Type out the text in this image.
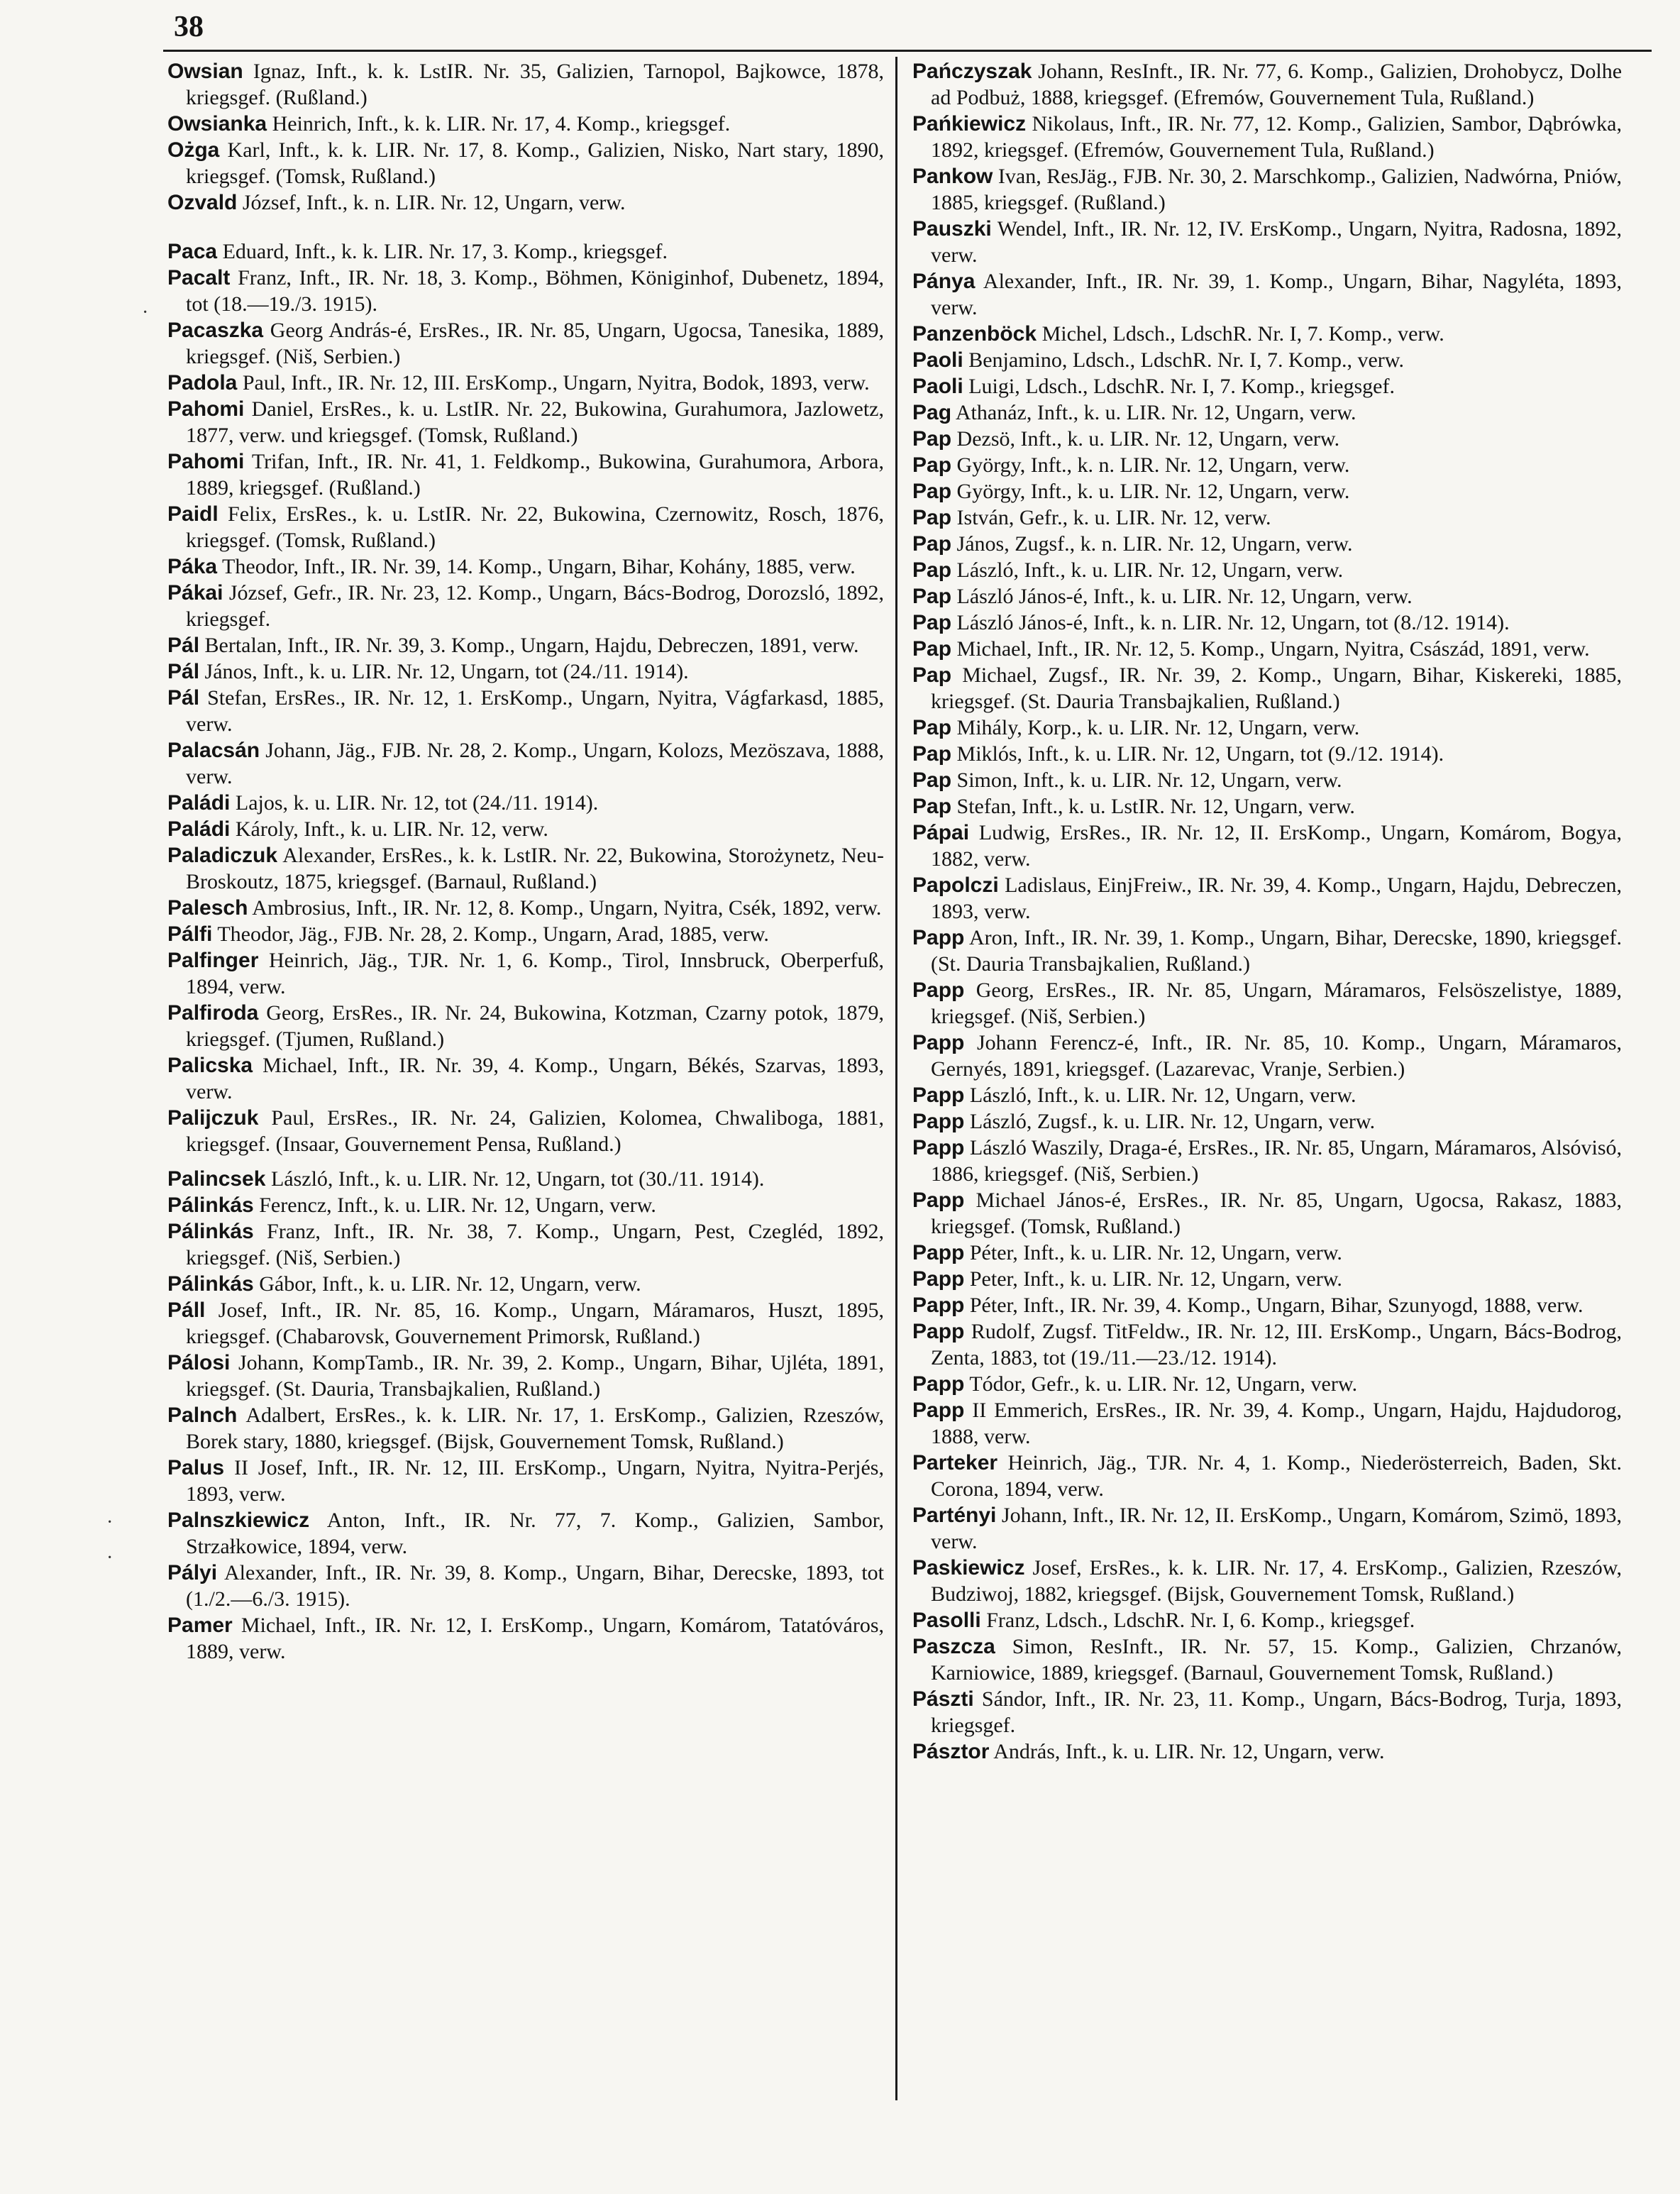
38

Owsian Ignaz, Inft., k. k. LstIR. Nr. 35, Galizien, Tarnopol, Bajkowce, 1878, kriegsgef. (Rußland.)

Owsianka Heinrich, Inft., k. k. LIR. Nr. 17, 4. Komp., kriegsgef.

Ożga Karl, Inft., k. k. LIR. Nr. 17, 8. Komp., Galizien, Nisko, Nart stary, 1890, kriegsgef. (Tomsk, Rußland.)

Ozvald József, Inft., k. n. LIR. Nr. 12, Ungarn, verw.

Paca Eduard, Inft., k. k. LIR. Nr. 17, 3. Komp., kriegsgef.

Pacalt Franz, Inft., IR. Nr. 18, 3. Komp., Böhmen, Königinhof, Dubenetz, 1894, tot (18.—19./3. 1915).

Pacaszka Georg András-é, ErsRes., IR. Nr. 85, Ungarn, Ugocsa, Tanesika, 1889, kriegsgef. (Niš, Serbien.)

Padola Paul, Inft., IR. Nr. 12, III. ErsKomp., Ungarn, Nyitra, Bodok, 1893, verw.

Pahomi Daniel, ErsRes., k. u. LstIR. Nr. 22, Bukowina, Gurahumora, Jazlowetz, 1877, verw. und kriegsgef. (Tomsk, Rußland.)

Pahomi Trifan, Inft., IR. Nr. 41, 1. Feldkomp., Bukowina, Gurahumora, Arbora, 1889, kriegsgef. (Rußland.)

Paidl Felix, ErsRes., k. u. LstIR. Nr. 22, Bukowina, Czernowitz, Rosch, 1876, kriegsgef. (Tomsk, Rußland.)

Páka Theodor, Inft., IR. Nr. 39, 14. Komp., Ungarn, Bihar, Kohány, 1885, verw.

Pákai József, Gefr., IR. Nr. 23, 12. Komp., Ungarn, Bács-Bodrog, Dorozsló, 1892, kriegsgef.

Pál Bertalan, Inft., IR. Nr. 39, 3. Komp., Ungarn, Hajdu, Debreczen, 1891, verw.

Pál János, Inft., k. u. LIR. Nr. 12, Ungarn, tot (24./11. 1914).

Pál Stefan, ErsRes., IR. Nr. 12, 1. ErsKomp., Ungarn, Nyitra, Vágfarkasd, 1885, verw.

Palacsán Johann, Jäg., FJB. Nr. 28, 2. Komp., Ungarn, Kolozs, Mezöszava, 1888, verw.

Paládi Lajos, k. u. LIR. Nr. 12, tot (24./11. 1914).

Paládi Károly, Inft., k. u. LIR. Nr. 12, verw.

Paladiczuk Alexander, ErsRes., k. k. LstIR. Nr. 22, Bukowina, Storożynetz, Neu-Broskoutz, 1875, kriegsgef. (Barnaul, Rußland.)

Palesch Ambrosius, Inft., IR. Nr. 12, 8. Komp., Ungarn, Nyitra, Csék, 1892, verw.

Pálfi Theodor, Jäg., FJB. Nr. 28, 2. Komp., Ungarn, Arad, 1885, verw.

Palfinger Heinrich, Jäg., TJR. Nr. 1, 6. Komp., Tirol, Innsbruck, Oberperfuß, 1894, verw.

Palfiroda Georg, ErsRes., IR. Nr. 24, Bukowina, Kotzman, Czarny potok, 1879, kriegsgef. (Tjumen, Rußland.)

Palicska Michael, Inft., IR. Nr. 39, 4. Komp., Ungarn, Békés, Szarvas, 1893, verw.

Palijczuk Paul, ErsRes., IR. Nr. 24, Galizien, Kolomea, Chwaliboga, 1881, kriegsgef. (Insaar, Gouvernement Pensa, Rußland.)

Palincsek László, Inft., k. u. LIR. Nr. 12, Ungarn, tot (30./11. 1914).

Pálinkás Ferencz, Inft., k. u. LIR. Nr. 12, Ungarn, verw.

Pálinkás Franz, Inft., IR. Nr. 38, 7. Komp., Ungarn, Pest, Czegléd, 1892, kriegsgef. (Niš, Serbien.)

Pálinkás Gábor, Inft., k. u. LIR. Nr. 12, Ungarn, verw.

Páll Josef, Inft., IR. Nr. 85, 16. Komp., Ungarn, Máramaros, Huszt, 1895, kriegsgef. (Chabarovsk, Gouvernement Primorsk, Rußland.)

Pálosi Johann, KompTamb., IR. Nr. 39, 2. Komp., Ungarn, Bihar, Ujléta, 1891, kriegsgef. (St. Dauria, Transbajkalien, Rußland.)

Palnch Adalbert, ErsRes., k. k. LIR. Nr. 17, 1. ErsKomp., Galizien, Rzeszów, Borek stary, 1880, kriegsgef. (Bijsk, Gouvernement Tomsk, Rußland.)

Palus II Josef, Inft., IR. Nr. 12, III. ErsKomp., Ungarn, Nyitra, Nyitra-Perjés, 1893, verw.

Palnszkiewicz Anton, Inft., IR. Nr. 77, 7. Komp., Galizien, Sambor, Strzałkowice, 1894, verw.

Pályi Alexander, Inft., IR. Nr. 39, 8. Komp., Ungarn, Bihar, Derecske, 1893, tot (1./2.—6./3. 1915).

Pamer Michael, Inft., IR. Nr. 12, I. ErsKomp., Ungarn, Komárom, Tatatóváros, 1889, verw.

Pańczyszak Johann, ResInft., IR. Nr. 77, 6. Komp., Galizien, Drohobycz, Dolhe ad Podbuż, 1888, kriegsgef. (Efremów, Gouvernement Tula, Rußland.)

Pańkiewicz Nikolaus, Inft., IR. Nr. 77, 12. Komp., Galizien, Sambor, Dąbrówka, 1892, kriegsgef. (Efremów, Gouvernement Tula, Rußland.)

Pankow Ivan, ResJäg., FJB. Nr. 30, 2. Marschkomp., Galizien, Nadwórna, Pniów, 1885, kriegsgef. (Rußland.)

Pauszki Wendel, Inft., IR. Nr. 12, IV. ErsKomp., Ungarn, Nyitra, Radosna, 1892, verw.

Pánya Alexander, Inft., IR. Nr. 39, 1. Komp., Ungarn, Bihar, Nagyléta, 1893, verw.

Panzenböck Michel, Ldsch., LdschR. Nr. I, 7. Komp., verw.

Paoli Benjamino, Ldsch., LdschR. Nr. I, 7. Komp., verw.

Paoli Luigi, Ldsch., LdschR. Nr. I, 7. Komp., kriegsgef.

Pag Athanáz, Inft., k. u. LIR. Nr. 12, Ungarn, verw.

Pap Dezsö, Inft., k. u. LIR. Nr. 12, Ungarn, verw.

Pap György, Inft., k. n. LIR. Nr. 12, Ungarn, verw.

Pap György, Inft., k. u. LIR. Nr. 12, Ungarn, verw.

Pap István, Gefr., k. u. LIR. Nr. 12, verw.

Pap János, Zugsf., k. n. LIR. Nr. 12, Ungarn, verw.

Pap László, Inft., k. u. LIR. Nr. 12, Ungarn, verw.

Pap László János-é, Inft., k. u. LIR. Nr. 12, Ungarn, verw.

Pap László János-é, Inft., k. n. LIR. Nr. 12, Ungarn, tot (8./12. 1914).

Pap Michael, Inft., IR. Nr. 12, 5. Komp., Ungarn, Nyitra, Császád, 1891, verw.

Pap Michael, Zugsf., IR. Nr. 39, 2. Komp., Ungarn, Bihar, Kiskereki, 1885, kriegsgef. (St. Dauria Transbajkalien, Rußland.)

Pap Mihály, Korp., k. u. LIR. Nr. 12, Ungarn, verw.

Pap Miklós, Inft., k. u. LIR. Nr. 12, Ungarn, tot (9./12. 1914).

Pap Simon, Inft., k. u. LIR. Nr. 12, Ungarn, verw.

Pap Stefan, Inft., k. u. LstIR. Nr. 12, Ungarn, verw.

Pápai Ludwig, ErsRes., IR. Nr. 12, II. ErsKomp., Ungarn, Komárom, Bogya, 1882, verw.

Papolczi Ladislaus, EinjFreiw., IR. Nr. 39, 4. Komp., Ungarn, Hajdu, Debreczen, 1893, verw.

Papp Aron, Inft., IR. Nr. 39, 1. Komp., Ungarn, Bihar, Derecske, 1890, kriegsgef. (St. Dauria Transbajkalien, Rußland.)

Papp Georg, ErsRes., IR. Nr. 85, Ungarn, Máramaros, Felsöszelistye, 1889, kriegsgef. (Niš, Serbien.)

Papp Johann Ferencz-é, Inft., IR. Nr. 85, 10. Komp., Ungarn, Máramaros, Gernyés, 1891, kriegsgef. (Lazarevac, Vranje, Serbien.)

Papp László, Inft., k. u. LIR. Nr. 12, Ungarn, verw.

Papp László, Zugsf., k. u. LIR. Nr. 12, Ungarn, verw.

Papp László Waszily, Draga-é, ErsRes., IR. Nr. 85, Ungarn, Máramaros, Alsóvisó, 1886, kriegsgef. (Niš, Serbien.)

Papp Michael János-é, ErsRes., IR. Nr. 85, Ungarn, Ugocsa, Rakasz, 1883, kriegsgef. (Tomsk, Rußland.)

Papp Péter, Inft., k. u. LIR. Nr. 12, Ungarn, verw.

Papp Peter, Inft., k. u. LIR. Nr. 12, Ungarn, verw.

Papp Péter, Inft., IR. Nr. 39, 4. Komp., Ungarn, Bihar, Szunyogd, 1888, verw.

Papp Rudolf, Zugsf. TitFeldw., IR. Nr. 12, III. ErsKomp., Ungarn, Bács-Bodrog, Zenta, 1883, tot (19./11.—23./12. 1914).

Papp Tódor, Gefr., k. u. LIR. Nr. 12, Ungarn, verw.

Papp II Emmerich, ErsRes., IR. Nr. 39, 4. Komp., Ungarn, Hajdu, Hajdudorog, 1888, verw.

Parteker Heinrich, Jäg., TJR. Nr. 4, 1. Komp., Niederösterreich, Baden, Skt. Corona, 1894, verw.

Partényi Johann, Inft., IR. Nr. 12, II. ErsKomp., Ungarn, Komárom, Szimö, 1893, verw.

Paskiewicz Josef, ErsRes., k. k. LIR. Nr. 17, 4. ErsKomp., Galizien, Rzeszów, Budziwoj, 1882, kriegsgef. (Bijsk, Gouvernement Tomsk, Rußland.)

Pasolli Franz, Ldsch., LdschR. Nr. I, 6. Komp., kriegsgef.

Paszcza Simon, ResInft., IR. Nr. 57, 15. Komp., Galizien, Chrzanów, Karniowice, 1889, kriegsgef. (Barnaul, Gouvernement Tomsk, Rußland.)

Pászti Sándor, Inft., IR. Nr. 23, 11. Komp., Ungarn, Bács-Bodrog, Turja, 1893, kriegsgef.

Pásztor András, Inft., k. u. LIR. Nr. 12, Ungarn, verw.

·
·
·
